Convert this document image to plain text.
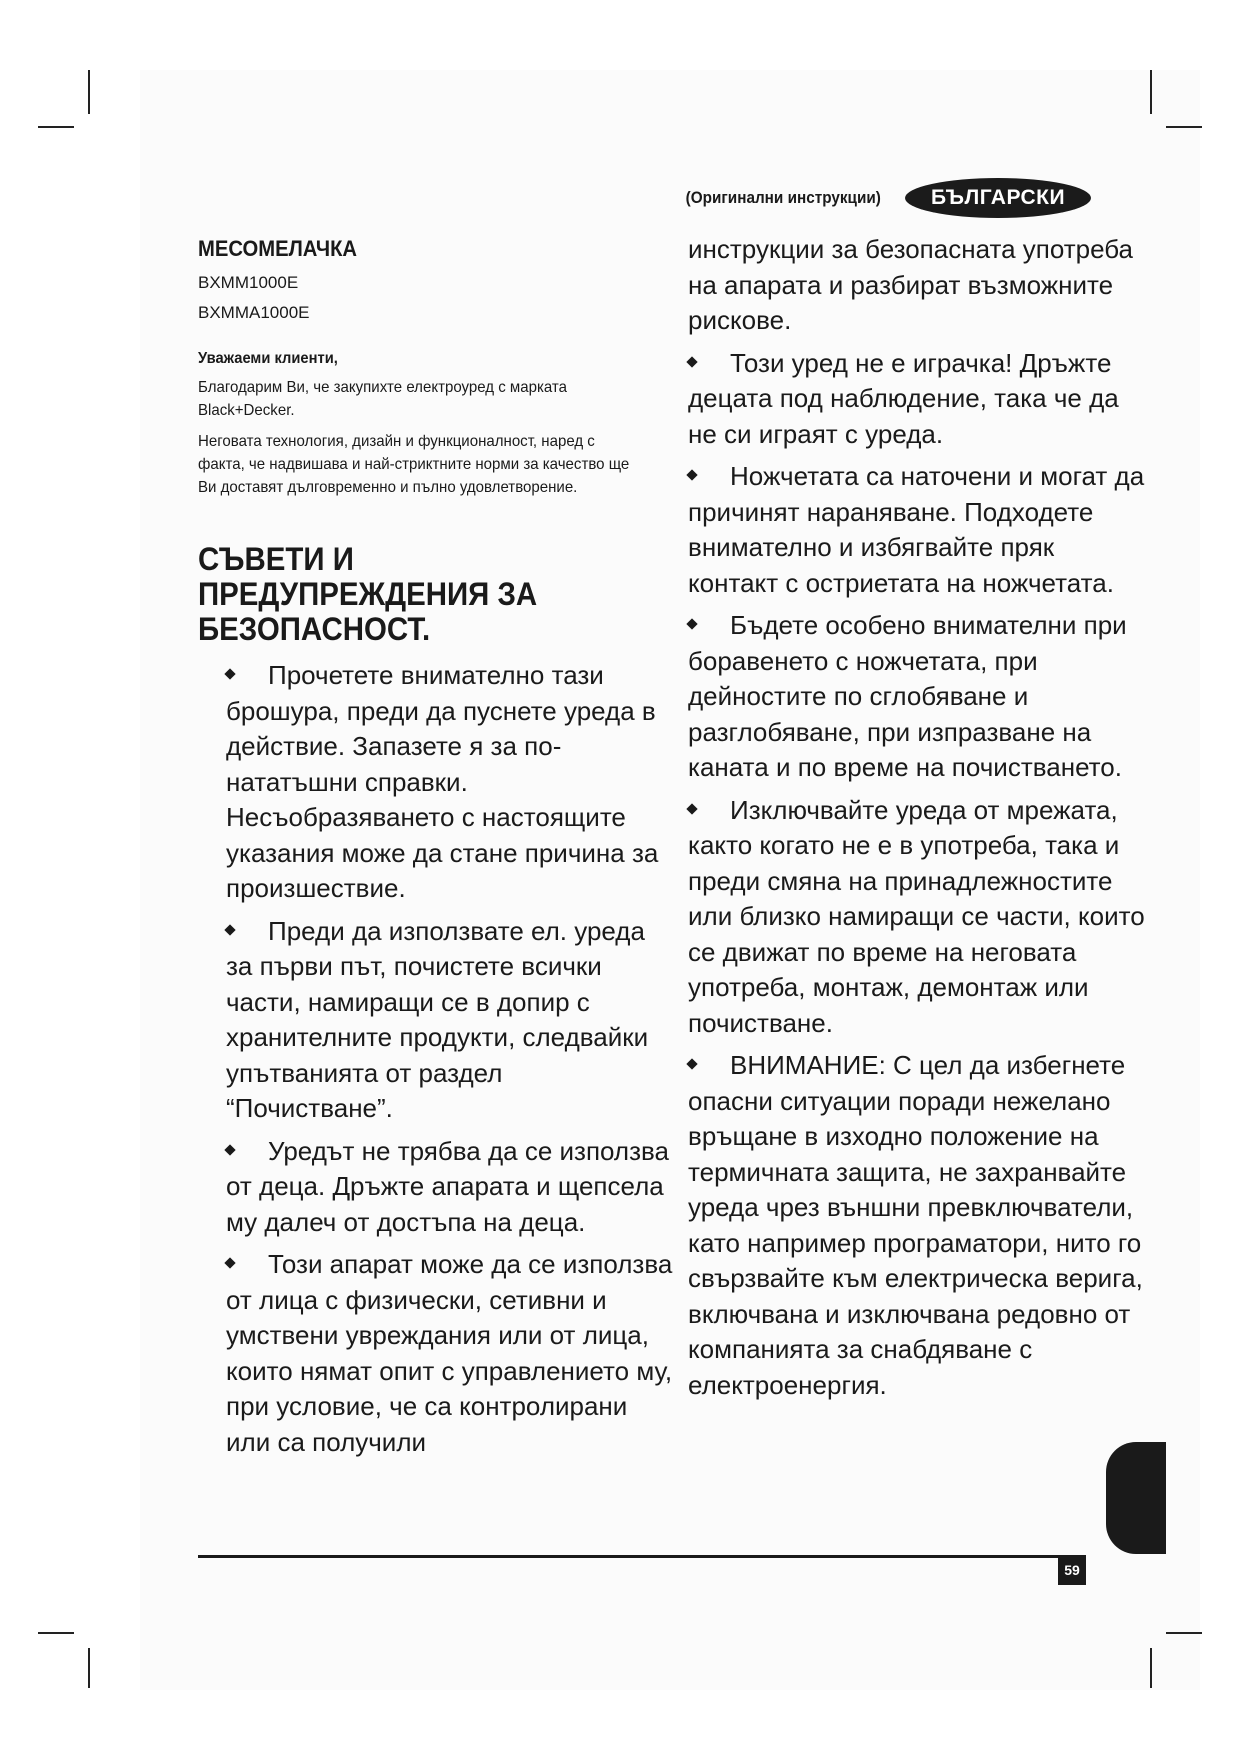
(Оригинални инструкции)	БЪЛГАРСКИ
МЕСОМЕЛАЧКА
BXMM1000E
BXMMA1000E
Уважаеми клиенти,
Благодарим Ви, че закупихте електроуред с марката Black+Decker.
Неговата технология, дизайн и функционалност, наред с факта, че надвишава и най-стриктните норми за качество ще Ви доставят дълговременно и пълно удовлетворение.
СЪВЕТИ И
ПРЕДУПРЕЖДЕНИЯ ЗА
БЕЗОПАСНОСТ.
Прочетете внимателно тази брошура, преди да пуснете уреда в действие. Запазете я за по-нататъшни справки. Несъобразяването с настоящите указания може да стане причина за произшествие.
Преди да използвате ел. уреда за първи път, почистете всички части, намиращи се в допир с хранителните продукти, следвайки упътванията от раздел “Почистване”.
Уредът не трябва да се използва от деца. Дръжте апарата и щепсела му далеч от достъпа на деца.
Този апарат може да се използва от лица с физически, сетивни и умствени увреждания или от лица, които нямат опит с управлението му, при условие, че са контролирани или са получили

инструкции за безопасната употреба на апарата и разбират възможните рискове.

Този уред не е играчка! Дръжте децата под наблюдение, така че да не си играят с уреда.
Ножчетата са наточени и могат да причинят нараняване. Подходете внимателно и избягвайте пряк контакт с остриетата на ножчетата.
Бъдете особено внимателни при боравенето с ножчетата, при дейностите по сглобяване и разглобяване, при изпразване на каната и по време на почистването.
Изключвайте уреда от мрежата, както когато не е в употреба, така и преди смяна на принадлежностите или близко намиращи се части, които се движат по време на неговата употреба, монтаж, демонтаж или почистване.
ВНИМАНИЕ: С цел да избегнете опасни ситуации поради нежелано връщане в изходно положение на термичната защита, не захранвайте уреда чрез външни превключватели, като например програматори, нито го свързвайте към електрическа верига, включвана и изключвана редовно от компанията за снабдяване с електроенергия.
59
